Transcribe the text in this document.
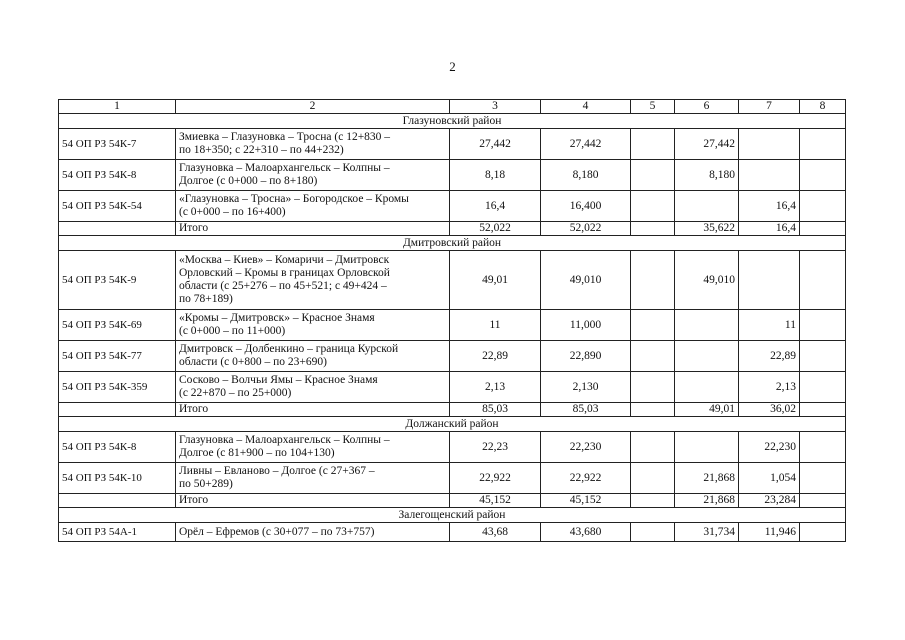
2
1	2	3	4	5	6	7	8
Глазуновский район							
54 ОП РЗ 54К-7	Змиевка – Глазуновка – Тросна (с 12+830 –
по 18+350; с 22+310 – по 44+232)	27,442	27,442		27,442		
54 ОП РЗ 54К-8	Глазуновка – Малоархангельск – Колпны –
Долгое (с 0+000 – по 8+180)	8,18	8,180		8,180		
54 ОП РЗ 54К-54	«Глазуновка – Тросна» – Богородское – Кромы
(с 0+000 – по 16+400)	16,4	16,400			16,4	
	Итого	52,022	52,022		35,622	16,4	
Дмитровский район							
54 ОП РЗ 54К-9	«Москва – Киев» – Комаричи – Дмитровск
Орловский – Кромы в границах Орловской
области (с 25+276 – по 45+521; с 49+424 –
по 78+189)	49,01	49,010		49,010		
54 ОП РЗ 54К-69	«Кромы – Дмитровск» – Красное Знамя
(с 0+000 – по 11+000)	11	11,000			11	
54 ОП РЗ 54К-77	Дмитровск – Долбенкино – граница Курской
области (с 0+800 – по 23+690)	22,89	22,890			22,89	
54 ОП РЗ 54К-359	Сосково – Волчьи Ямы – Красное Знамя
(с 22+870 – по 25+000)	2,13	2,130			2,13	
	Итого	85,03	85,03		49,01	36,02	
Должанский район							
54 ОП РЗ 54К-8	Глазуновка – Малоархангельск – Колпны –
Долгое (с 81+900 – по 104+130)	22,23	22,230			22,230	
54 ОП РЗ 54К-10	Ливны – Евланово – Долгое (с 27+367 –
по 50+289)	22,922	22,922		21,868	1,054	
	Итого	45,152	45,152		21,868	23,284	
Залегощенский район							
54 ОП РЗ 54А-1	Орёл – Ефремов (с 30+077 – по 73+757)	43,68	43,680		31,734	11,946	
